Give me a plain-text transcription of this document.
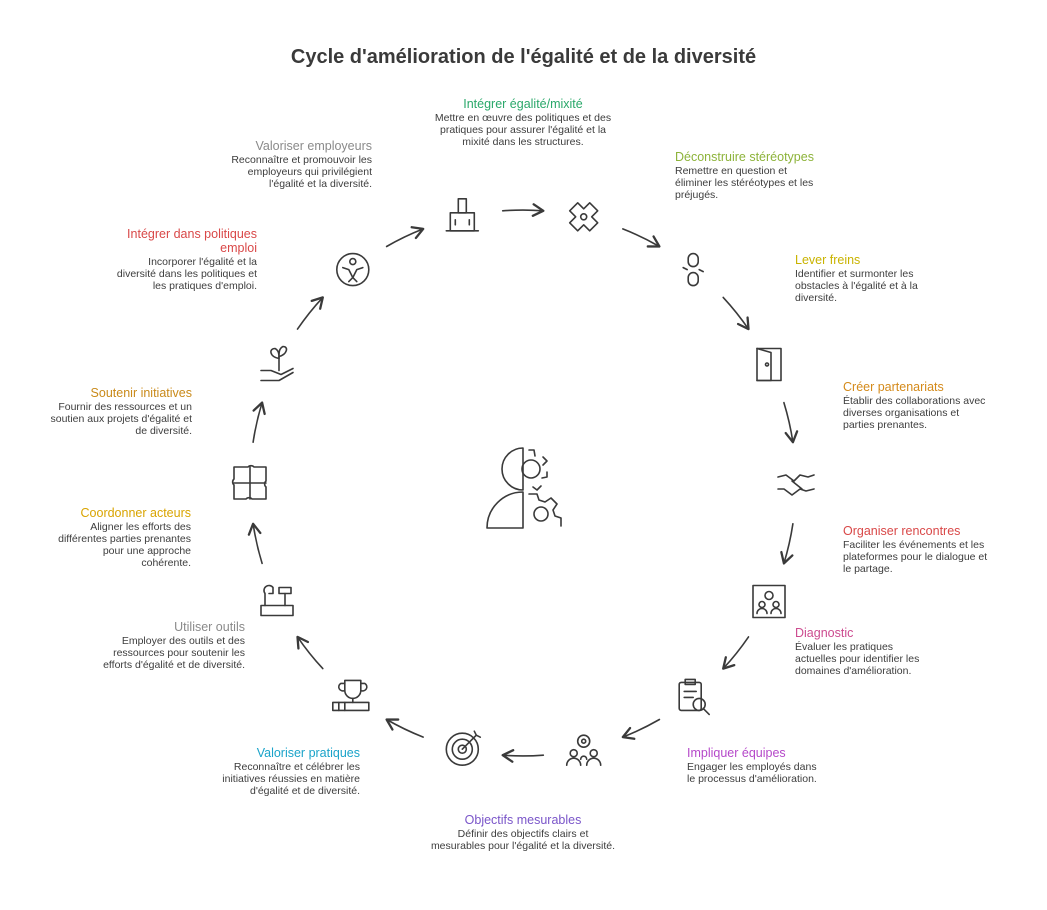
Cycle d'amélioration de l'égalité et de la diversité
Intégrer égalité/mixité
Mettre en œuvre des politiques et des pratiques pour assurer l'égalité et la mixité dans les structures.
Déconstruire stéréotypes
Remettre en question et éliminer les stéréotypes et les préjugés.
Lever freins
Identifier et surmonter les obstacles à l'égalité et à la diversité.
Créer partenariats
Établir des collaborations avec diverses organisations et parties prenantes.
Organiser rencontres
Faciliter les événements et les plateformes pour le dialogue et le partage.
Diagnostic
Évaluer les pratiques actuelles pour identifier les domaines d'amélioration.
Impliquer équipes
Engager les employés dans le processus d'amélioration.
Objectifs mesurables
Définir des objectifs clairs et mesurables pour l'égalité et la diversité.
Valoriser pratiques
Reconnaître et célébrer les initiatives réussies en matière d'égalité et de diversité.
Utiliser outils
Employer des outils et des ressources pour soutenir les efforts d'égalité et de diversité.
Coordonner acteurs
Aligner les efforts des différentes parties prenantes pour une approche cohérente.
Soutenir initiatives
Fournir des ressources et un soutien aux projets d'égalité et de diversité.
Intégrer dans politiques emploi
Incorporer l'égalité et la diversité dans les politiques et les pratiques d'emploi.
Valoriser employeurs
Reconnaître et promouvoir les employeurs qui privilégient l'égalité et la diversité.
